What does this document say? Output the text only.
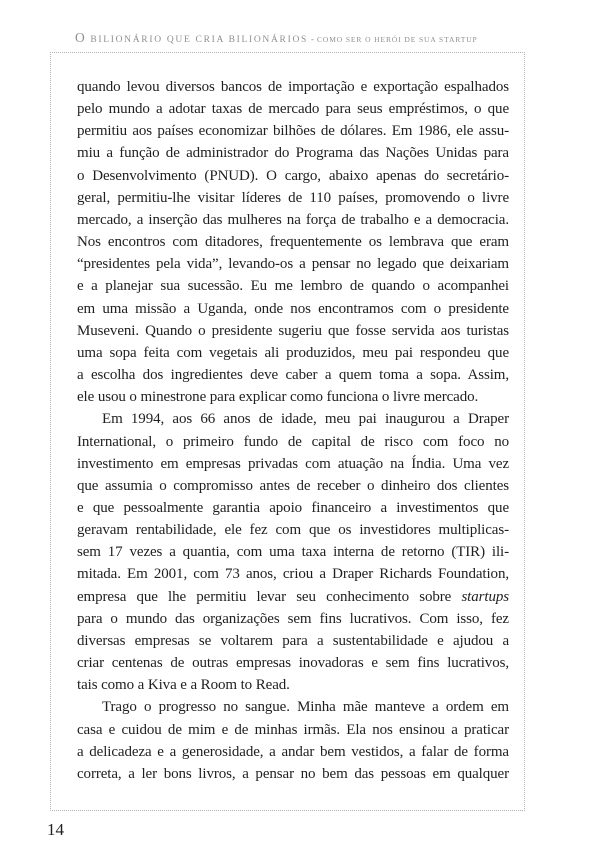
O BILIONÁRIO QUE CRIA BILIONÁRIOS - COMO SER O HERÓI DE SUA STARTUP
quando levou diversos bancos de importação e exportação espalhados
pelo mundo a adotar taxas de mercado para seus empréstimos, o que
permitiu aos países economizar bilhões de dólares. Em 1986, ele assu-
miu a função de administrador do Programa das Nações Unidas para
o Desenvolvimento (PNUD). O cargo, abaixo apenas do secretário-
geral, permitiu-lhe visitar líderes de 110 países, promovendo o livre
mercado, a inserção das mulheres na força de trabalho e a democracia.
Nos encontros com ditadores, frequentemente os lembrava que eram
“presidentes pela vida”, levando-os a pensar no legado que deixariam
e a planejar sua sucessão. Eu me lembro de quando o acompanhei
em uma missão a Uganda, onde nos encontramos com o presidente
Museveni. Quando o presidente sugeriu que fosse servida aos turistas
uma sopa feita com vegetais ali produzidos, meu pai respondeu que
a escolha dos ingredientes deve caber a quem toma a sopa. Assim,
ele usou o minestrone para explicar como funciona o livre mercado.
Em 1994, aos 66 anos de idade, meu pai inaugurou a Draper
International, o primeiro fundo de capital de risco com foco no
investimento em empresas privadas com atuação na Índia. Uma vez
que assumia o compromisso antes de receber o dinheiro dos clientes
e que pessoalmente garantia apoio financeiro a investimentos que
geravam rentabilidade, ele fez com que os investidores multiplicas-
sem 17 vezes a quantia, com uma taxa interna de retorno (TIR) ili-
mitada. Em 2001, com 73 anos, criou a Draper Richards Foundation,
empresa que lhe permitiu levar seu conhecimento sobre startups
para o mundo das organizações sem fins lucrativos. Com isso, fez
diversas empresas se voltarem para a sustentabilidade e ajudou a
criar centenas de outras empresas inovadoras e sem fins lucrativos,
tais como a Kiva e a Room to Read.
Trago o progresso no sangue. Minha mãe manteve a ordem em
casa e cuidou de mim e de minhas irmãs. Ela nos ensinou a praticar
a delicadeza e a generosidade, a andar bem vestidos, a falar de forma
correta, a ler bons livros, a pensar no bem das pessoas em qualquer
14
